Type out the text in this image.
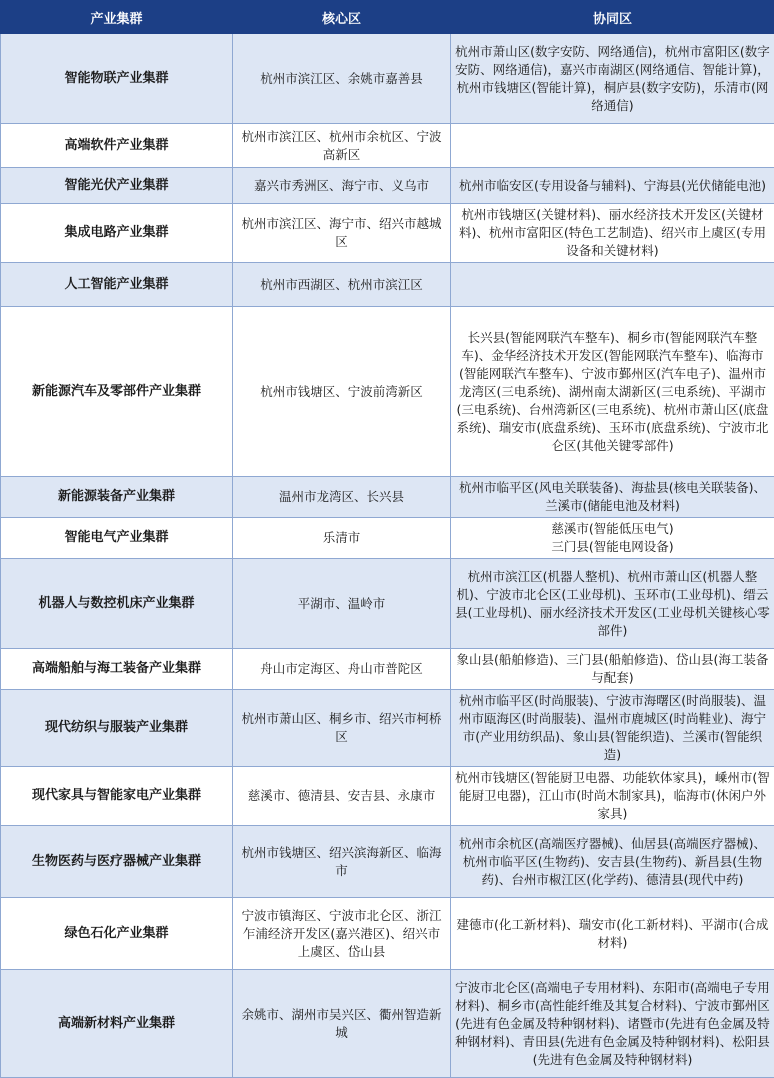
产业集群	核心区	协同区
智能物联产业集群	杭州市滨江区、余姚市嘉善县	杭州市萧山区(数字安防、网络通信)，杭州市富阳区(数字安防、网络通信)，嘉兴市南湖区(网络通信、智能计算)，杭州市钱塘区(智能计算)，桐庐县(数字安防)，乐清市(网络通信)
高端软件产业集群	杭州市滨江区、杭州市余杭区、宁波高新区	
智能光伏产业集群	嘉兴市秀洲区、海宁市、义乌市	杭州市临安区(专用设备与辅料)、宁海县(光伏储能电池)
集成电路产业集群	杭州市滨江区、海宁市、绍兴市越城区	杭州市钱塘区(关键材料)、丽水经济技术开发区(关键材料)、杭州市富阳区(特色工艺制造)、绍兴市上虞区(专用设备和关键材料)
人工智能产业集群	杭州市西湖区、杭州市滨江区	
新能源汽车及零部件产业集群	杭州市钱塘区、宁波前湾新区	长兴县(智能网联汽车整车)、桐乡市(智能网联汽车整车)、金华经济技术开发区(智能网联汽车整车)、临海市(智能网联汽车整车)、宁波市鄞州区(汽车电子)、温州市龙湾区(三电系统)、湖州南太湖新区(三电系统)、平湖市(三电系统)、台州湾新区(三电系统)、杭州市萧山区(底盘系统)、瑞安市(底盘系统)、玉环市(底盘系统)、宁波市北仑区(其他关键零部件)
新能源装备产业集群	温州市龙湾区、长兴县	杭州市临平区(风电关联装备)、海盐县(核电关联装备)、兰溪市(储能电池及材料)
智能电气产业集群	乐清市	慈溪市(智能低压电气)
三门县(智能电网设备)
机器人与数控机床产业集群	平湖市、温岭市	杭州市滨江区(机器人整机)、杭州市萧山区(机器人整机)、宁波市北仑区(工业母机)、玉环市(工业母机)、缙云县(工业母机)、丽水经济技术开发区(工业母机关键核心零部件)
高端船舶与海工装备产业集群	舟山市定海区、舟山市普陀区	象山县(船舶修造)、三门县(船舶修造)、岱山县(海工装备与配套)
现代纺织与服装产业集群	杭州市萧山区、桐乡市、绍兴市柯桥区	杭州市临平区(时尚服装)、宁波市海曙区(时尚服装)、温州市瓯海区(时尚服装)、温州市鹿城区(时尚鞋业)、海宁市(产业用纺织品)、象山县(智能织造)、兰溪市(智能织造)
现代家具与智能家电产业集群	慈溪市、德清县、安吉县、永康市	杭州市钱塘区(智能厨卫电器、功能软体家具)，嵊州市(智能厨卫电器)，江山市(时尚木制家具)，临海市(休闲户外家具)
生物医药与医疗器械产业集群	杭州市钱塘区、绍兴滨海新区、临海市	杭州市余杭区(高端医疗器械)、仙居县(高端医疗器械)、杭州市临平区(生物药)、安吉县(生物药)、新昌县(生物药)、台州市椒江区(化学药)、德清县(现代中药)
绿色石化产业集群	宁波市镇海区、宁波市北仑区、浙江乍浦经济开发区(嘉兴港区)、绍兴市上虞区、岱山县	建德市(化工新材料)、瑞安市(化工新材料)、平湖市(合成材料)
高端新材料产业集群	余姚市、湖州市吴兴区、衢州智造新城	宁波市北仑区(高端电子专用材料)、东阳市(高端电子专用材料)、桐乡市(高性能纤维及其复合材料)、宁波市鄞州区(先进有色金属及特种钢材料)、诸暨市(先进有色金属及特种钢材料)、青田县(先进有色金属及特种钢材料)、松阳县(先进有色金属及特种钢材料)
